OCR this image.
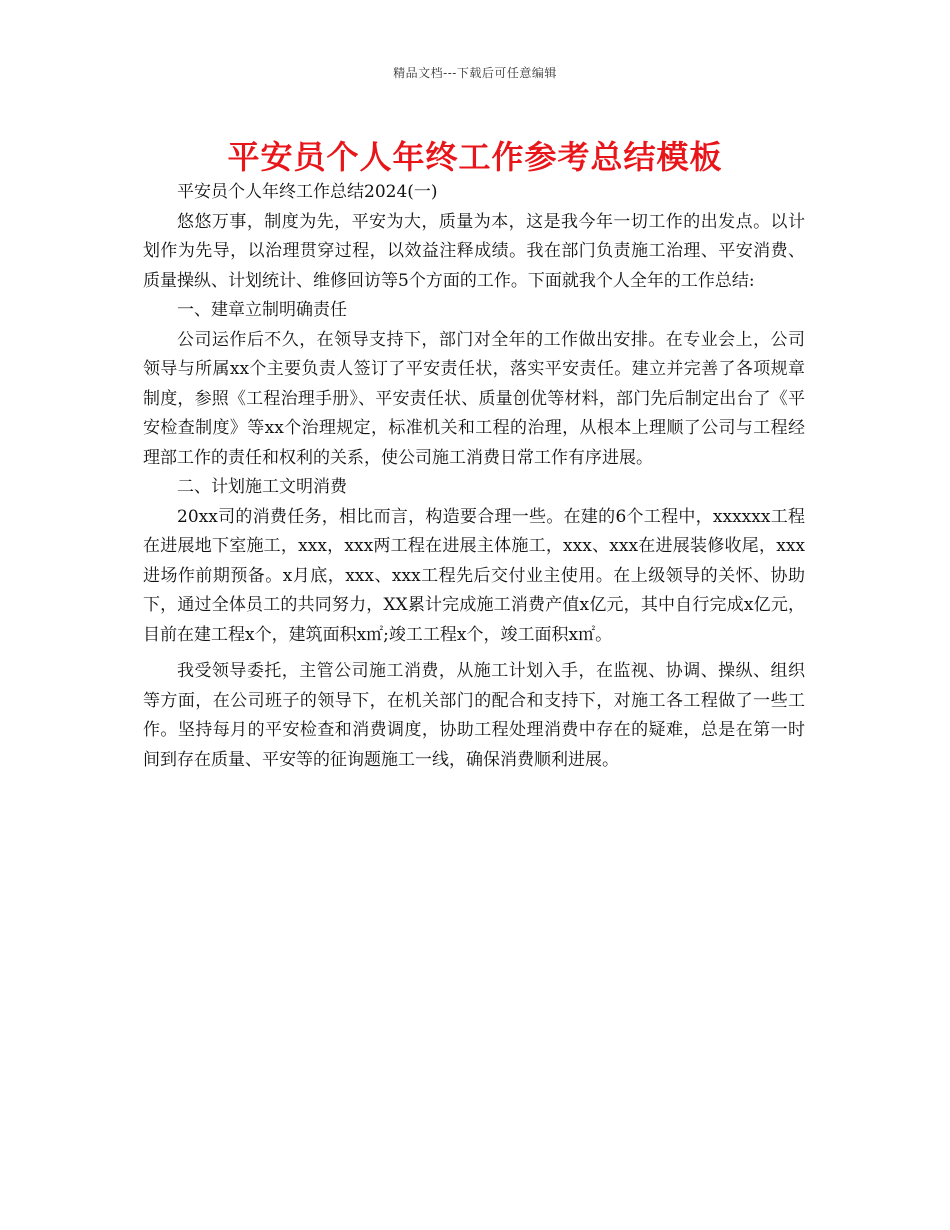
精品文档---下载后可任意编辑
平安员个人年终工作参考总结模板

平安员个人年终工作总结2024(一)

悠悠万事，制度为先，平安为大，质量为本，这是我今年一切工作的出发点。以计划作为先导，以治理贯穿过程，以效益注释成绩。我在部门负责施工治理、平安消费、质量操纵、计划统计、维修回访等5个方面的工作。下面就我个人全年的工作总结:

一、建章立制明确责任

公司运作后不久，在领导支持下，部门对全年的工作做出安排。在专业会上，公司领导与所属xx个主要负责人签订了平安责任状，落实平安责任。建立并完善了各项规章制度，参照《工程治理手册》、平安责任状、质量创优等材料，部门先后制定出台了《平安检查制度》等xx个治理规定，标准机关和工程的治理，从根本上理顺了公司与工程经理部工作的责任和权利的关系，使公司施工消费日常工作有序进展。

二、计划施工文明消费

20xx司的消费任务，相比而言，构造要合理一些。在建的6个工程中，xxxxxx工程在进展地下室施工，xxx，xxx两工程在进展主体施工，xxx、xxx在进展装修收尾，xxx进场作前期预备。x月底，xxx、xxx工程先后交付业主使用。在上级领导的关怀、协助下，通过全体员工的共同努力，XX累计完成施工消费产值x亿元，其中自行完成x亿元，目前在建工程x个，建筑面积x㎡;竣工工程x个，竣工面积x㎡。

我受领导委托，主管公司施工消费，从施工计划入手，在监视、协调、操纵、组织等方面，在公司班子的领导下，在机关部门的配合和支持下，对施工各工程做了一些工作。坚持每月的平安检查和消费调度，协助工程处理消费中存在的疑难，总是在第一时间到存在质量、平安等的征询题施工一线，确保消费顺利进展。
